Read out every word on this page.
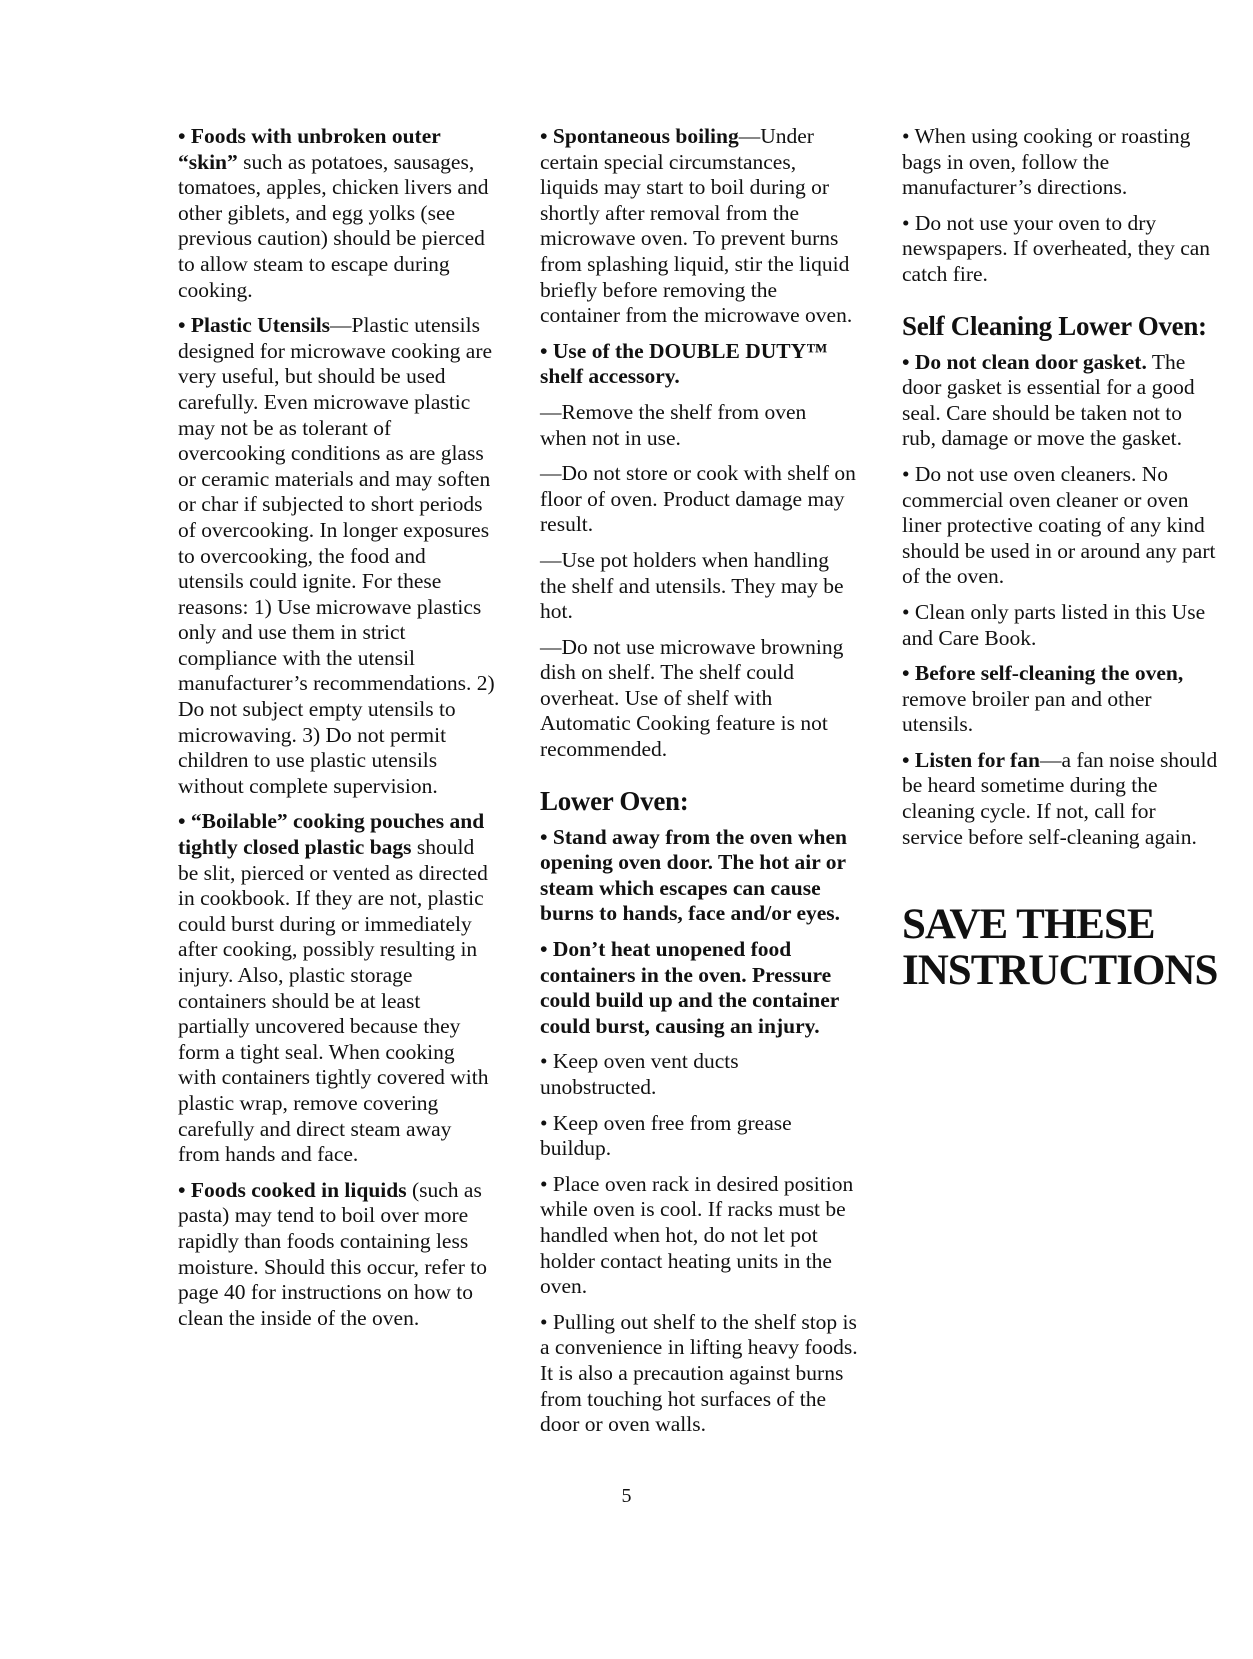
• Foods with unbroken outer “skin” such as potatoes, sausages, tomatoes, apples, chicken livers and other giblets, and egg yolks (see previous caution) should be pierced to allow steam to escape during cooking.

• Plastic Utensils—Plastic utensils designed for microwave cooking are very useful, but should be used carefully. Even microwave plastic may not be as tolerant of overcooking conditions as are glass or ceramic materials and may soften or char if subjected to short periods of overcooking. In longer exposures to overcooking, the food and utensils could ignite. For these reasons: 1) Use microwave plastics only and use them in strict compliance with the utensil manufacturer’s recommendations. 2) Do not subject empty utensils to microwaving. 3) Do not permit children to use plastic utensils without complete supervision.

• “Boilable” cooking pouches and tightly closed plastic bags should be slit, pierced or vented as directed in cookbook. If they are not, plastic could burst during or immediately after cooking, possibly resulting in injury. Also, plastic storage containers should be at least partially uncovered because they form a tight seal. When cooking with containers tightly covered with plastic wrap, remove covering carefully and direct steam away from hands and face.

• Foods cooked in liquids (such as pasta) may tend to boil over more rapidly than foods containing less moisture. Should this occur, refer to page 40 for instructions on how to clean the inside of the oven.

• Spontaneous boiling—Under certain special circumstances, liquids may start to boil during or shortly after removal from the microwave oven. To prevent burns from splashing liquid, stir the liquid briefly before removing the container from the microwave oven.

• Use of the DOUBLE DUTY™ shelf accessory.

—Remove the shelf from oven when not in use.

—Do not store or cook with shelf on floor of oven. Product damage may result.

—Use pot holders when handling the shelf and utensils. They may be hot.

—Do not use microwave browning dish on shelf. The shelf could overheat. Use of shelf with Automatic Cooking feature is not recommended.

Lower Oven:

• Stand away from the oven when opening oven door. The hot air or steam which escapes can cause burns to hands, face and/or eyes.

• Don’t heat unopened food containers in the oven. Pressure could build up and the container could burst, causing an injury.

• Keep oven vent ducts unobstructed.

• Keep oven free from grease buildup.

• Place oven rack in desired position while oven is cool. If racks must be handled when hot, do not let pot holder contact heating units in the oven.

• Pulling out shelf to the shelf stop is a convenience in lifting heavy foods. It is also a precaution against burns from touching hot surfaces of the door or oven walls.

• When using cooking or roasting bags in oven, follow the manufacturer’s directions.

• Do not use your oven to dry newspapers. If overheated, they can catch fire.

Self Cleaning Lower Oven:

• Do not clean door gasket. The door gasket is essential for a good seal. Care should be taken not to rub, damage or move the gasket.

• Do not use oven cleaners. No commercial oven cleaner or oven liner protective coating of any kind should be used in or around any part of the oven.

• Clean only parts listed in this Use and Care Book.

• Before self-cleaning the oven, remove broiler pan and other utensils.

• Listen for fan—a fan noise should be heard sometime during the cleaning cycle. If not, call for service before self-cleaning again.

SAVE THESE
INSTRUCTIONS
5
